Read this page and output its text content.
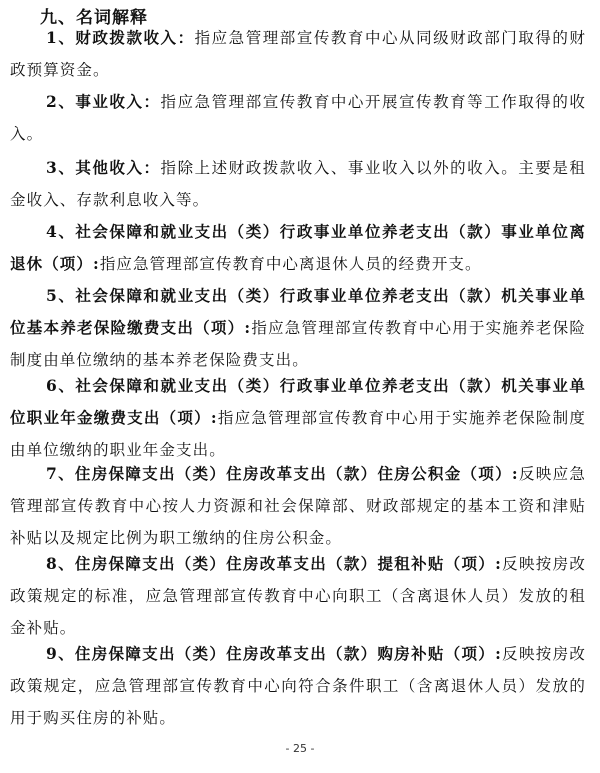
九、名词解释

1、财政拨款收入：指应急管理部宣传教育中心从同级财政部门取得的财政预算资金。

2、事业收入：指应急管理部宣传教育中心开展宣传教育等工作取得的收入。

3、其他收入：指除上述财政拨款收入、事业收入以外的收入。主要是租金收入、存款利息收入等。

4、社会保障和就业支出（类）行政事业单位养老支出（款）事业单位离退休（项）:指应急管理部宣传教育中心离退休人员的经费开支。

5、社会保障和就业支出（类）行政事业单位养老支出（款）机关事业单位基本养老保险缴费支出（项）:指应急管理部宣传教育中心用于实施养老保险制度由单位缴纳的基本养老保险费支出。

6、社会保障和就业支出（类）行政事业单位养老支出（款）机关事业单位职业年金缴费支出（项）:指应急管理部宣传教育中心用于实施养老保险制度由单位缴纳的职业年金支出。

7、住房保障支出（类）住房改革支出（款）住房公积金（项）:反映应急管理部宣传教育中心按人力资源和社会保障部、财政部规定的基本工资和津贴补贴以及规定比例为职工缴纳的住房公积金。

8、住房保障支出（类）住房改革支出（款）提租补贴（项）:反映按房改政策规定的标准，应急管理部宣传教育中心向职工（含离退休人员）发放的租金补贴。

9、住房保障支出（类）住房改革支出（款）购房补贴（项）:反映按房改政策规定，应急管理部宣传教育中心向符合条件职工（含离退休人员）发放的用于购买住房的补贴。

- 25 -
